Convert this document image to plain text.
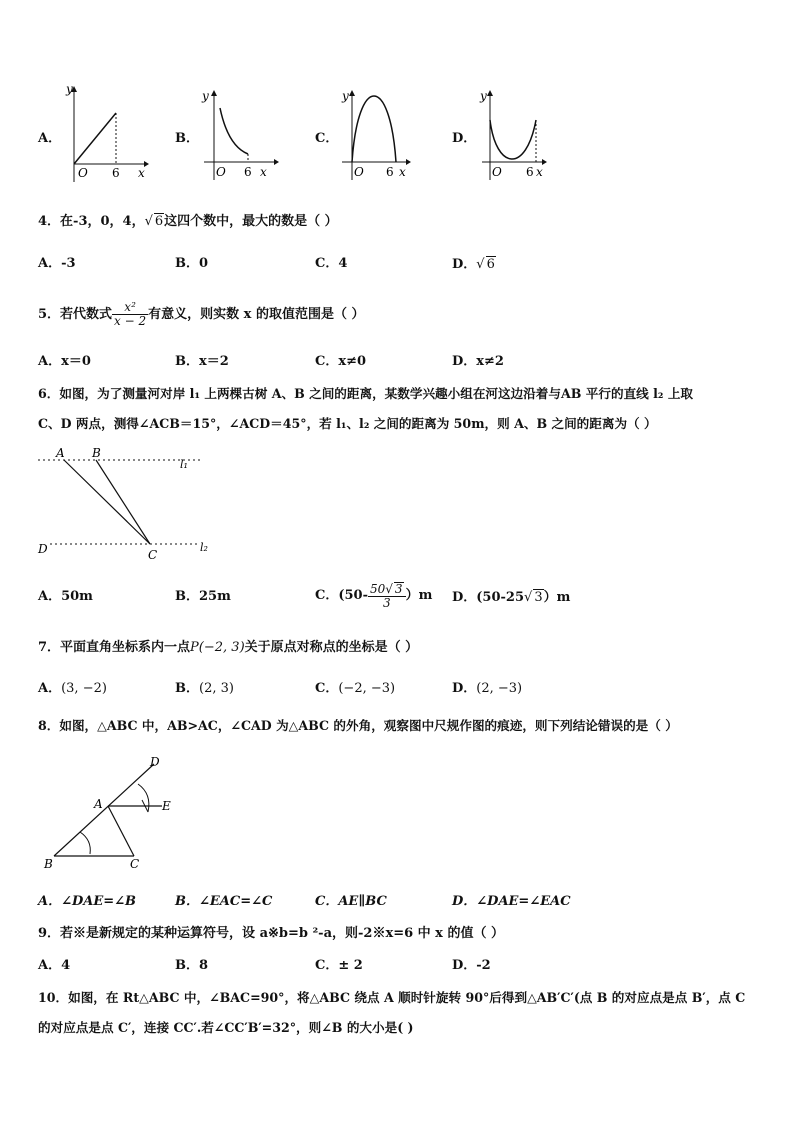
A．	B．	C．	D．
y
x
O 6
y
x
O 6
y
x
O 6
y
x
O 6
4．在-3，0，4，√ 6这四个数中，最大的数是（ ）
A．-3	B．0	C．4	D．√ 6
5．若代数式 $\frac{\text{x²}}{x - 2}$ 有意义，则实数 x 的取值范围是（ ）
A．x＝0	B．x＝2	C．x≠0	D．x≠2
6．如图，为了测量河对岸 l₁ 上两棵古树 A、B 之间的距离，某数学兴趣小组在河这边沿着与AB 平行的直线 l₂ 上取
C、D 两点，测得∠ACB＝15°，∠ACD＝45°，若 l₁、l₂ 之间的距离为 50m，则 A、B 之间的距离为（ ）
A B
l₁
D	C
l₂
A．50m	B．25m	C．$(50- \frac{50√ 3}{3} )m$ D．(50-25√ 3）m
7．平面直角坐标系内一点P(−2, 3)关于原点对称点的坐标是（ ）
A．(3, −2)	B．(2, 3)	C．(−2, −3)	D．(2, −3)
8．如图，△ABC 中，AB>AC，∠CAD 为△ABC 的外角，观察图中尺规作图的痕迹，则下列结论错误的是（ ）
D
A	E
B	C
A．∠DAE=∠B	B．∠EAC=∠C	C．AE∥BC	D．∠DAE=∠EAC
9．若※是新规定的某种运算符号，设 a※b=b ²-a，则-2※x=6 中 x 的值（ ）
A．4	B．8	C．± 2	D．-2
10．如图，在 Rt△ABC 中，∠BAC=90°，将△ABC 绕点 A 顺时针旋转 90°后得到△AB′C′(点 B 的对应点是点 B′，点 C
的对应点是点 C′，连接 CC′.若∠CC′B′=32°，则∠B 的大小是( )
